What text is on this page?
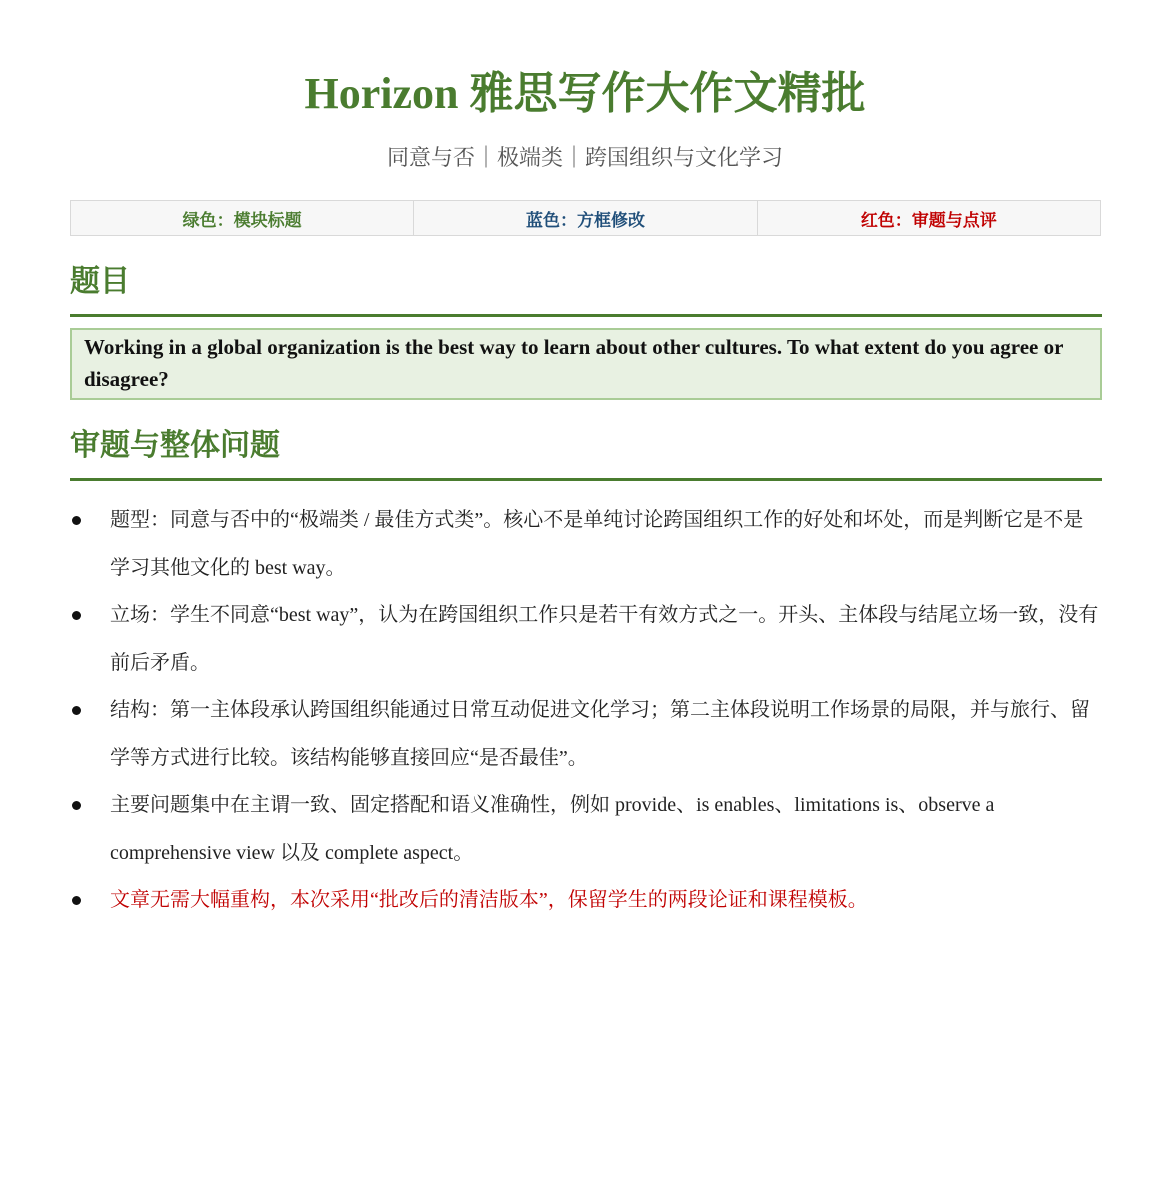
Horizon 雅思写作大作文精批
同意与否｜极端类｜跨国组织与文化学习
绿色：模块标题	蓝色：方框修改	红色：审题与点评
题目
Working in a global organization is the best way to learn about other cultures. To what extent do you agree or disagree?
审题与整体问题
题型：同意与否中的“极端类 / 最佳方式类”。核心不是单纯讨论跨国组织工作的好处和坏处，而是判断它是不是学习其他文化的 best way。
立场：学生不同意“best way”，认为在跨国组织工作只是若干有效方式之一。开头、主体段与结尾立场一致，没有前后矛盾。
结构：第一主体段承认跨国组织能通过日常互动促进文化学习；第二主体段说明工作场景的局限，并与旅行、留学等方式进行比较。该结构能够直接回应“是否最佳”。
主要问题集中在主谓一致、固定搭配和语义准确性，例如 provide、is enables、limitations is、observe a comprehensive view 以及 complete aspect。
文章无需大幅重构，本次采用“批改后的清洁版本”，保留学生的两段论证和课程模板。
